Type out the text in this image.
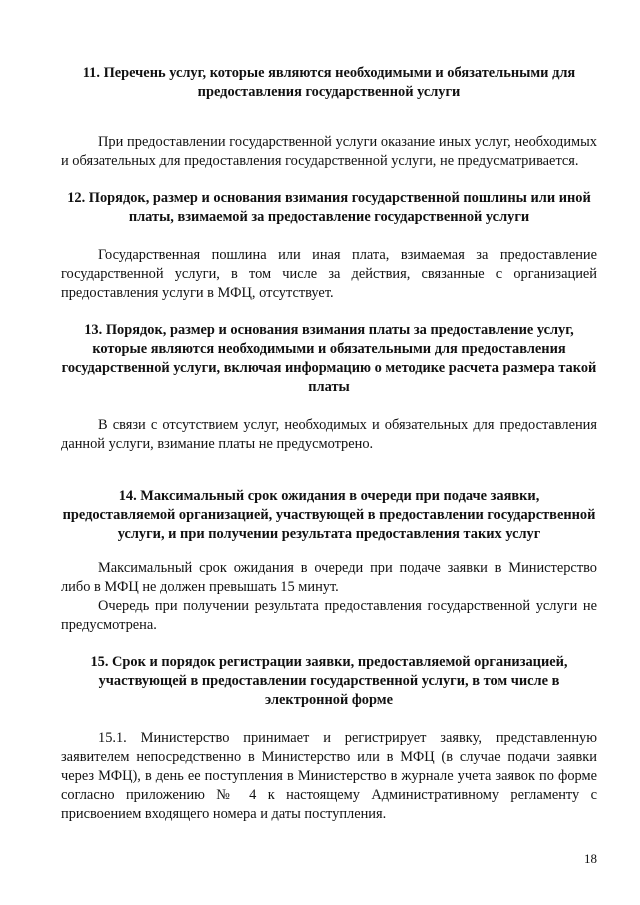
11. Перечень услуг, которые являются необходимыми и обязательными для предоставления государственной услуги

При предоставлении государственной услуги оказание иных услуг, необходимых и обязательных для предоставления государственной услуги, не предусматривается.

12. Порядок, размер и основания взимания государственной пошлины или иной платы, взимаемой за предоставление государственной услуги

Государственная пошлина или иная плата, взимаемая за предоставление государственной услуги, в том числе за действия, связанные с организацией предоставления услуги в МФЦ, отсутствует.

13. Порядок, размер и основания взимания платы за предоставление услуг, которые являются необходимыми и обязательными для предоставления государственной услуги, включая информацию о методике расчета размера такой платы

В связи с отсутствием услуг, необходимых и обязательных для предоставления данной услуги, взимание платы не предусмотрено.

14. Максимальный срок ожидания в очереди при подаче заявки, предоставляемой организацией, участвующей в предоставлении государственной услуги, и при получении результата предоставления таких услуг

Максимальный срок ожидания в очереди при подаче заявки в Министерство либо в МФЦ не должен превышать 15 минут.

Очередь при получении результата предоставления государственной услуги не предусмотрена.

15. Срок и порядок регистрации заявки, предоставляемой организацией, участвующей в предоставлении государственной услуги, в том числе в электронной форме

15.1. Министерство принимает и регистрирует заявку, представленную заявителем непосредственно в Министерство или в МФЦ (в случае подачи заявки через МФЦ), в день ее поступления в Министерство в журнале учета заявок по форме согласно приложению № 4 к настоящему Административному регламенту с присвоением входящего номера и даты поступления.

18
